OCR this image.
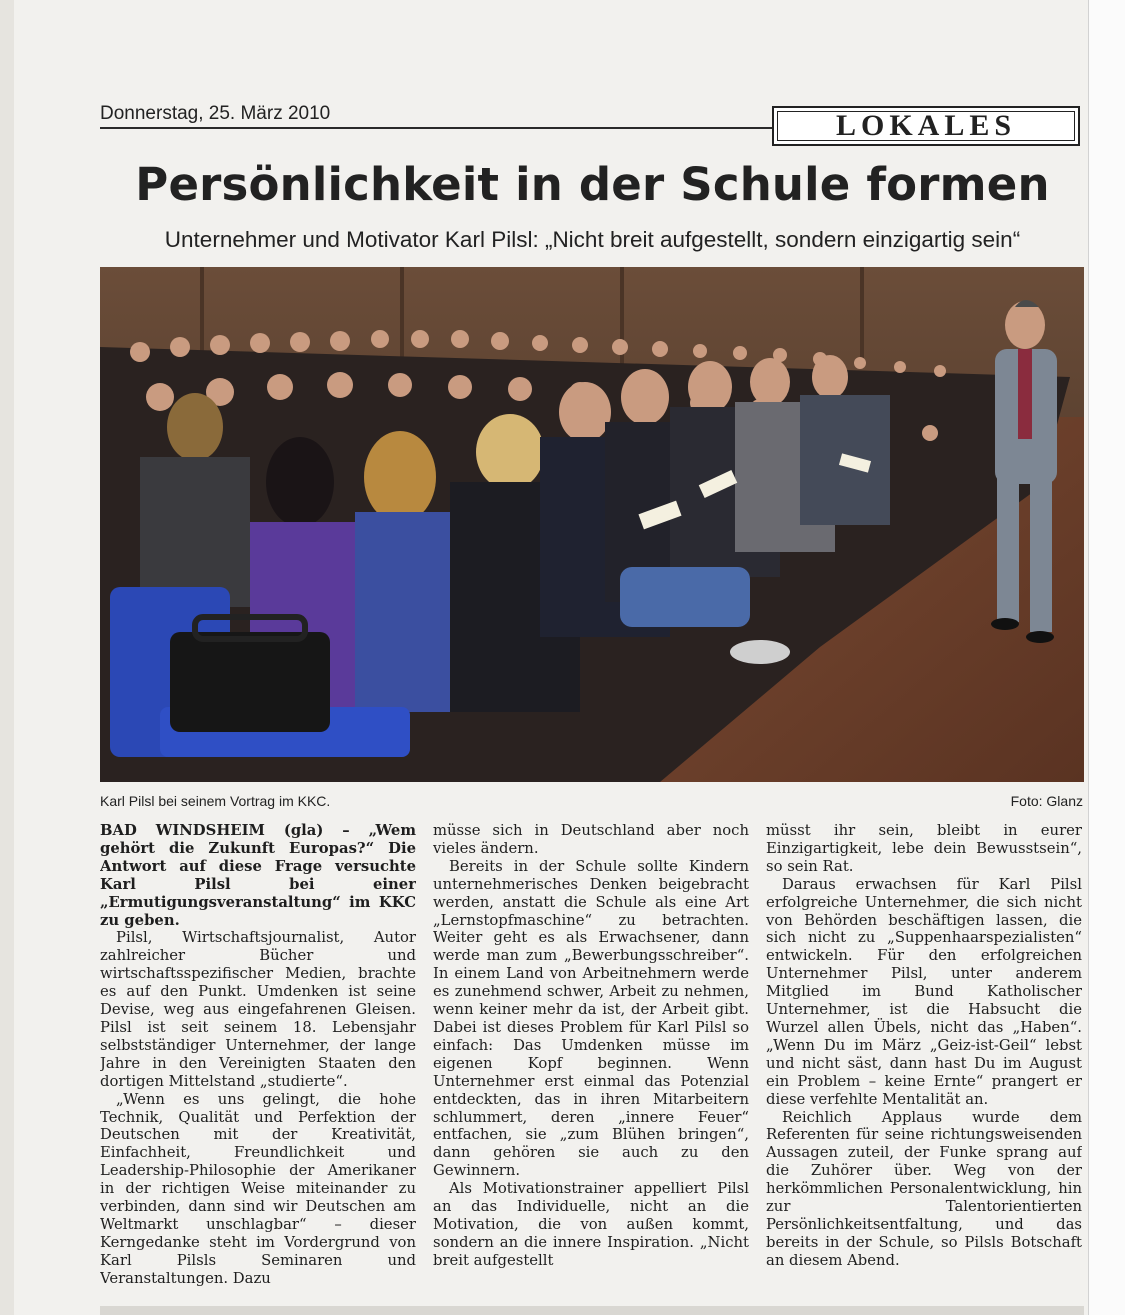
Donnerstag, 25. März 2010	LOKALES
Persönlichkeit in der Schule formen
Unternehmer und Motivator Karl Pilsl: „Nicht breit aufgestellt, sondern einzigartig sein“
Karl Pilsl bei seinem Vortrag im KKC.	Foto: Glanz

BAD WINDSHEIM (gla) – „Wem gehört die Zukunft Europas?“ Die Antwort auf diese Frage versuchte Karl Pilsl bei einer „Ermutigungsveranstaltung“ im KKC zu geben.

Pilsl, Wirtschaftsjournalist, Autor zahlreicher Bücher und wirtschaftsspezifischer Medien, brachte es auf den Punkt. Umdenken ist seine Devise, weg aus eingefahrenen Gleisen. Pilsl ist seit seinem 18. Lebensjahr selbstständiger Unternehmer, der lange Jahre in den Vereinigten Staaten den dortigen Mittelstand „studierte“.

„Wenn es uns gelingt, die hohe Technik, Qualität und Perfektion der Deutschen mit der Kreativität, Einfachheit, Freundlichkeit und Leadership-Philosophie der Amerikaner in der richtigen Weise miteinander zu verbinden, dann sind wir Deutschen am Weltmarkt unschlagbar“ – dieser Kerngedanke steht im Vordergrund von Karl Pilsls Seminaren und Veranstaltungen. Dazu

müsse sich in Deutschland aber noch vieles ändern.

Bereits in der Schule sollte Kindern unternehmerisches Denken beigebracht werden, anstatt die Schule als eine Art „Lernstopfmaschine“ zu betrachten. Weiter geht es als Erwachsener, dann werde man zum „Bewerbungsschreiber“. In einem Land von Arbeitnehmern werde es zunehmend schwer, Arbeit zu nehmen, wenn keiner mehr da ist, der Arbeit gibt. Dabei ist dieses Problem für Karl Pilsl so einfach: Das Umdenken müsse im eigenen Kopf beginnen. Wenn Unternehmer erst einmal das Potenzial entdeckten, das in ihren Mitarbeitern schlummert, deren „innere Feuer“ entfachen, sie „zum Blühen bringen“, dann gehören sie auch zu den Gewinnern.

Als Motivationstrainer appelliert Pilsl an das Individuelle, nicht an die Motivation, die von außen kommt, sondern an die innere Inspiration. „Nicht breit aufgestellt

müsst ihr sein, bleibt in eurer Einzigartigkeit, lebe dein Bewusstsein“, so sein Rat.

Daraus erwachsen für Karl Pilsl erfolgreiche Unternehmer, die sich nicht von Behörden beschäftigen lassen, die sich nicht zu „Suppenhaarspezialisten“ entwickeln. Für den erfolgreichen Unternehmer Pilsl, unter anderem Mitglied im Bund Katholischer Unternehmer, ist die Habsucht die Wurzel allen Übels, nicht das „Haben“. „Wenn Du im März „Geiz-ist-Geil“ lebst und nicht säst, dann hast Du im August ein Problem – keine Ernte“ prangert er diese verfehlte Mentalität an.

Reichlich Applaus wurde dem Referenten für seine richtungsweisenden Aussagen zuteil, der Funke sprang auf die Zuhörer über. Weg von der herkömmlichen Personalentwicklung, hin zur Talentorientierten Persönlichkeitsentfaltung, und das bereits in der Schule, so Pilsls Botschaft an diesem Abend.
